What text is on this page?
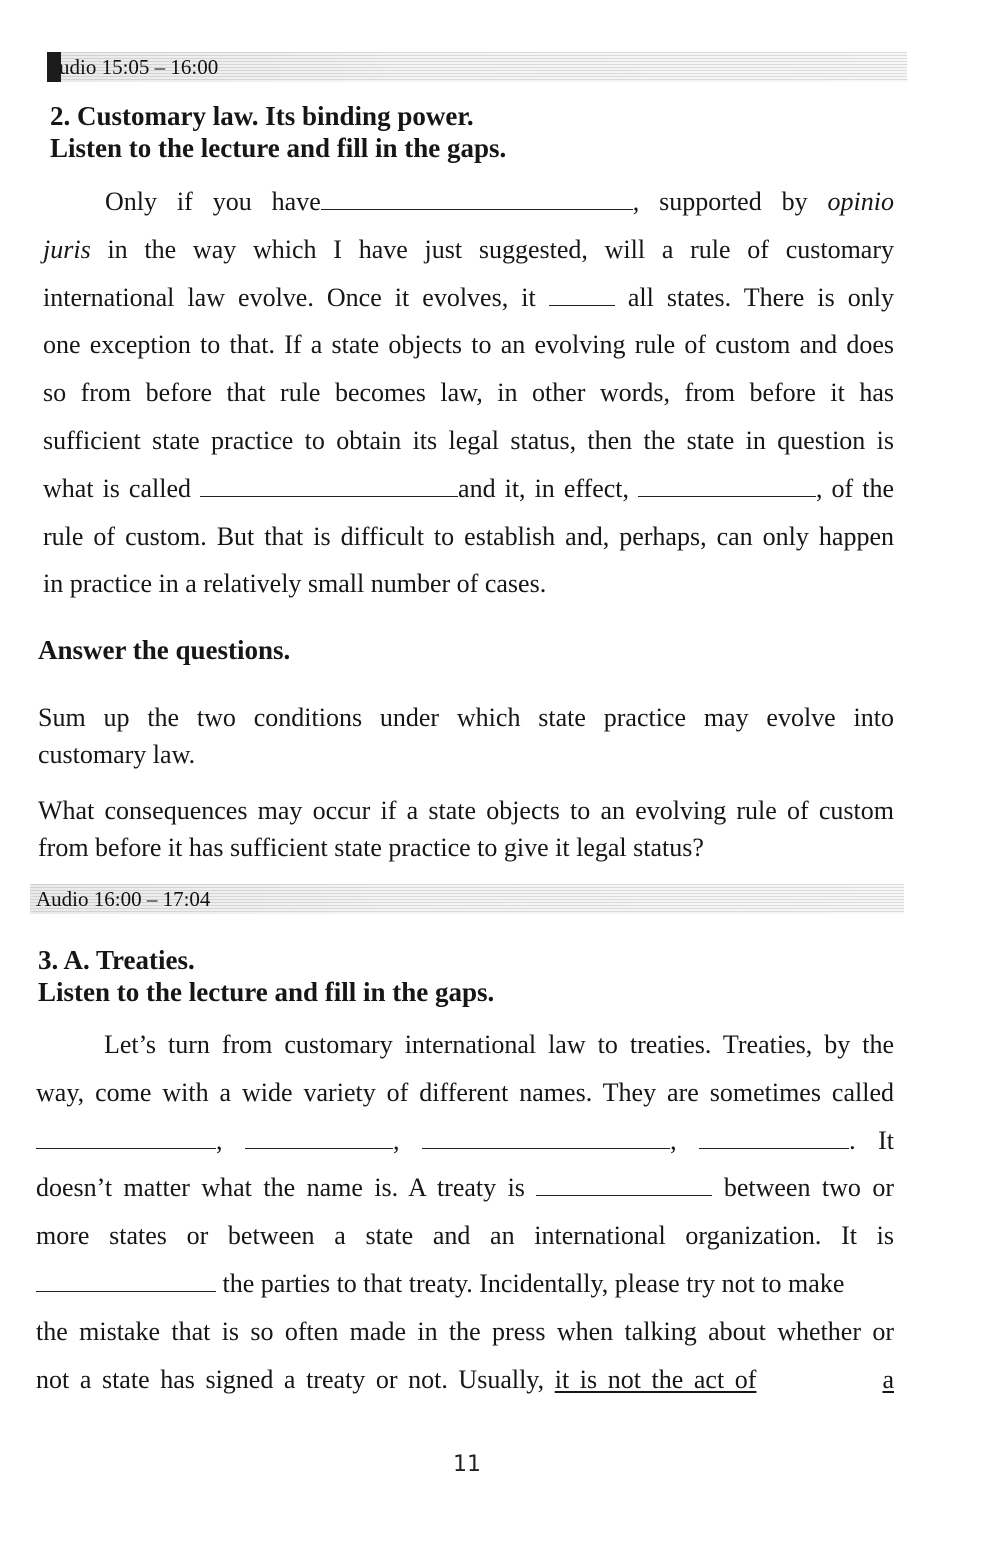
udio 15:05 – 16:00
2. Customary law. Its binding power.
Listen to the lecture and fill in the gaps.
Only if you have	, supported by opinio
juris in the way which I have just suggested, will a rule of customary
international law evolve. Once it evolves, it	all states. There is only
one exception to that. If a state objects to an evolving rule of custom and does
so from before that rule becomes law, in other words, from before it has
sufficient state practice to obtain its legal status, then the state in question is
what is called	and it, in effect,	, of the
rule of custom. But that is difficult to establish and, perhaps, can only happen
in practice in a relatively small number of cases.
Answer the questions.
Sum up the two conditions under which state practice may evolve into
customary law.
What consequences may occur if a state objects to an evolving rule of custom
from before it has sufficient state practice to give it legal status?
Audio 16:00 – 17:04
3. A. Treaties.
Listen to the lecture and fill in the gaps.
Let’s turn from customary international law to treaties. Treaties, by the
way, come with a wide variety of different names. They are sometimes called
,	,	,	. It
doesn’t matter what the name is. A treaty is	between two or
more states or between a state and an international organization. It is
the parties to that treaty. Incidentally, please try not to make
the mistake that is so often made in the press when talking about whether or
not a state has signed a treaty or not. Usually, it is not the act of	a
11
